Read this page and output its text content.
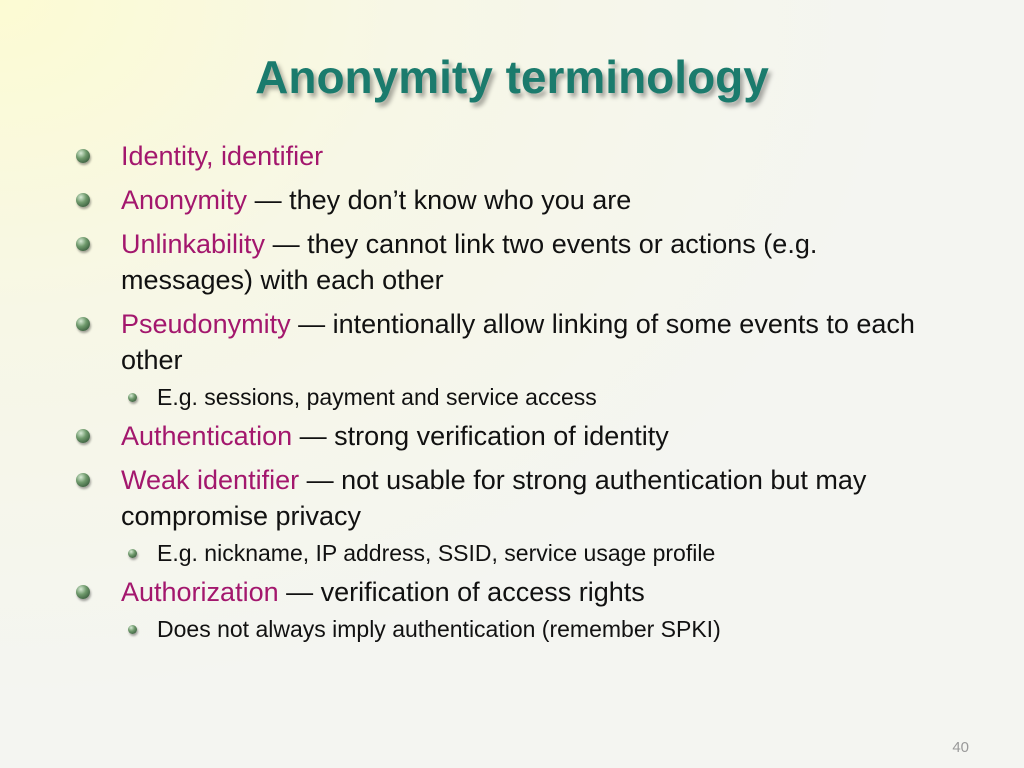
Anonymity terminology
Identity, identifier
Anonymity — they don’t know who you are
Unlinkability — they cannot link two events or actions (e.g. messages) with each other
Pseudonymity — intentionally allow linking of some events to each other
E.g. sessions, payment and service access
Authentication — strong verification of identity
Weak identifier — not usable for strong authentication but may compromise privacy
E.g. nickname, IP address, SSID, service usage profile
Authorization — verification of access rights
Does not always imply authentication (remember SPKI)
40
